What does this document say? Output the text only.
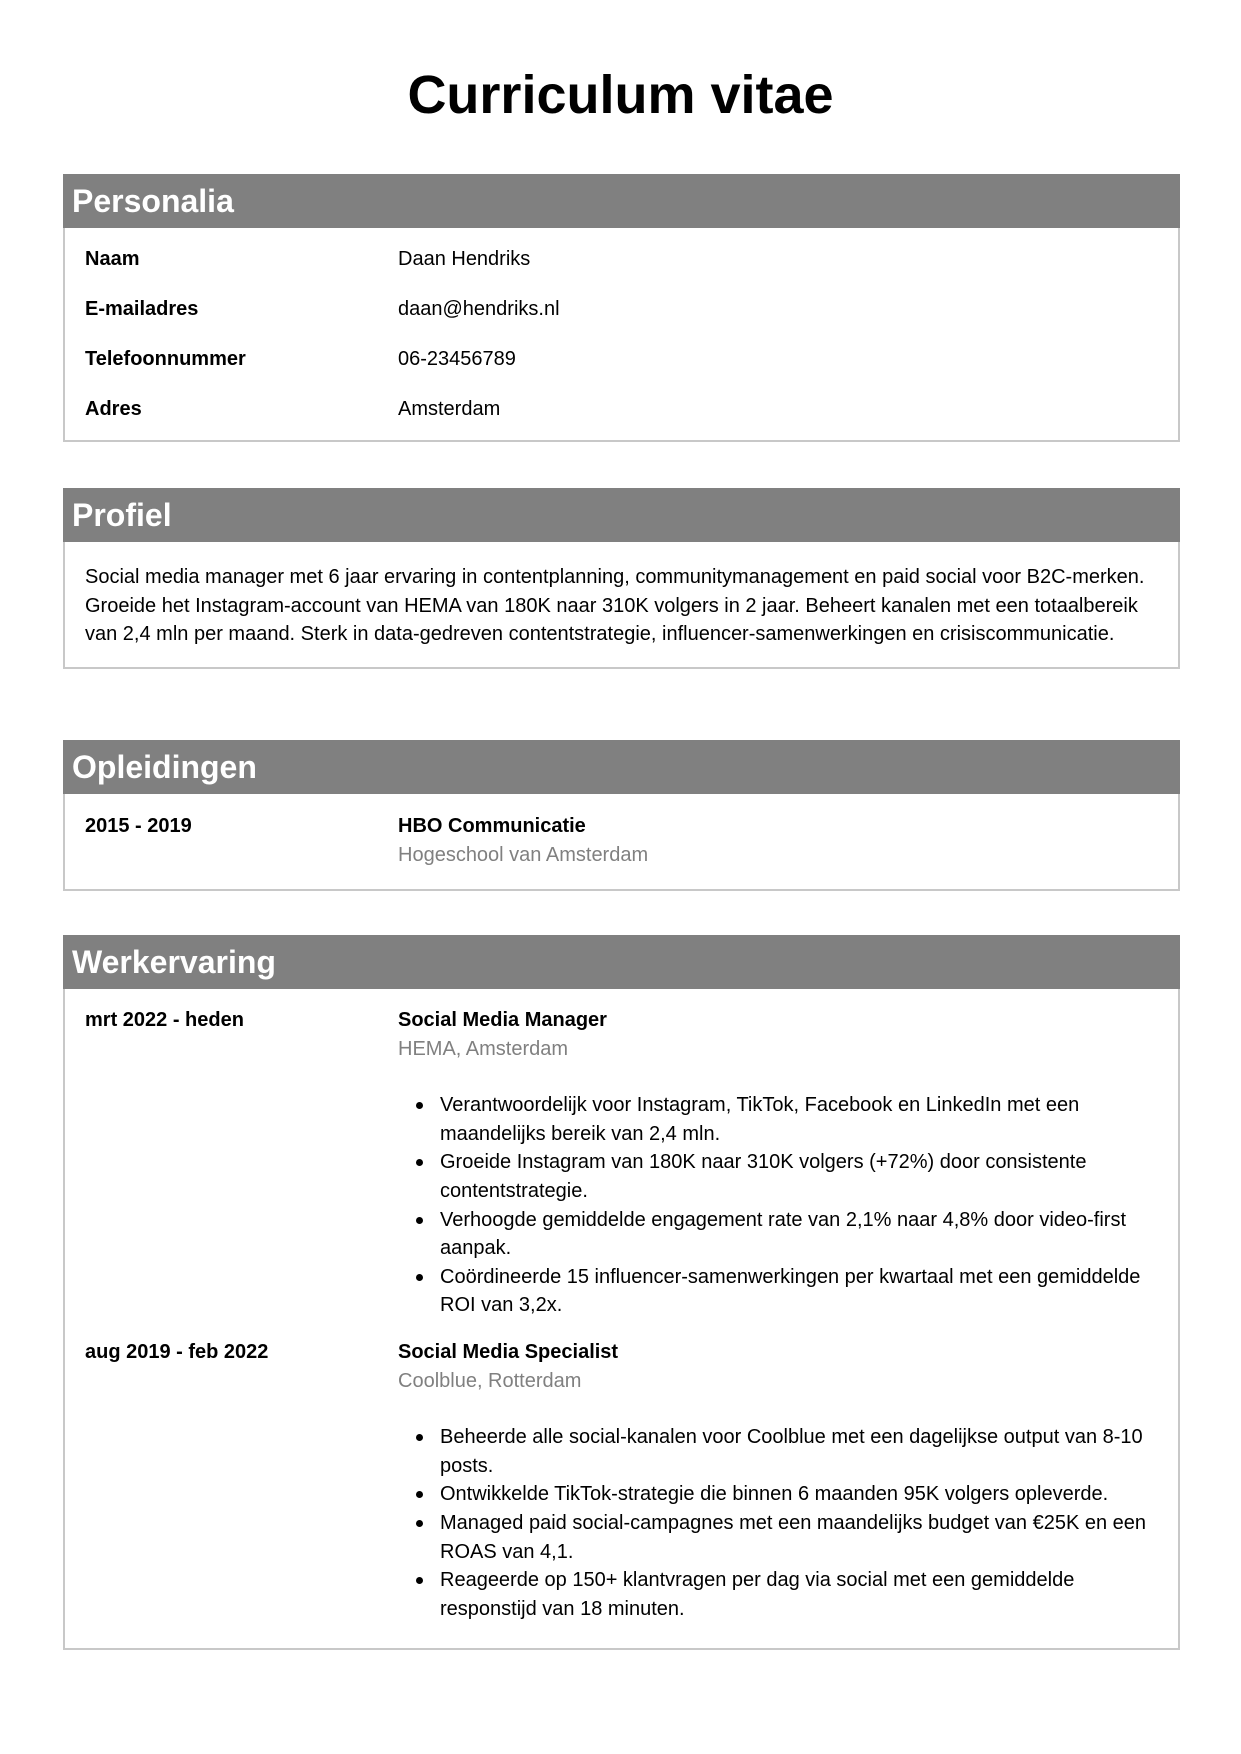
Curriculum vitae
Personalia
Naam	Daan Hendriks
E-mailadres	daan@hendriks.nl
Telefoonnummer	06-23456789
Adres	Amsterdam
Profiel

Social media manager met 6 jaar ervaring in contentplanning, communitymanagement en paid social voor B2C-merken. Groeide het Instagram-account van HEMA van 180K naar 310K volgers in 2 jaar. Beheert kanalen met een totaalbereik van 2,4 mln per maand. Sterk in data-gedreven contentstrategie, influencer-samenwerkingen en crisiscommunicatie.

Opleidingen
2015 - 2019	HBO Communicatie
Hogeschool van Amsterdam
Werkervaring
mrt 2022 - heden	Social Media Manager
HEMA, Amsterdam
Verantwoordelijk voor Instagram, TikTok, Facebook en LinkedIn met een maandelijks bereik van 2,4 mln.
Groeide Instagram van 180K naar 310K volgers (+72%) door consistente contentstrategie.
Verhoogde gemiddelde engagement rate van 2,1% naar 4,8% door video-first aanpak.
Coördineerde 15 influencer-samenwerkingen per kwartaal met een gemiddelde ROI van 3,2x.
aug 2019 - feb 2022	Social Media Specialist
Coolblue, Rotterdam
Beheerde alle social-kanalen voor Coolblue met een dagelijkse output van 8-10 posts.
Ontwikkelde TikTok-strategie die binnen 6 maanden 95K volgers opleverde.
Managed paid social-campagnes met een maandelijks budget van €25K en een ROAS van 4,1.
Reageerde op 150+ klantvragen per dag via social met een gemiddelde responstijd van 18 minuten.
